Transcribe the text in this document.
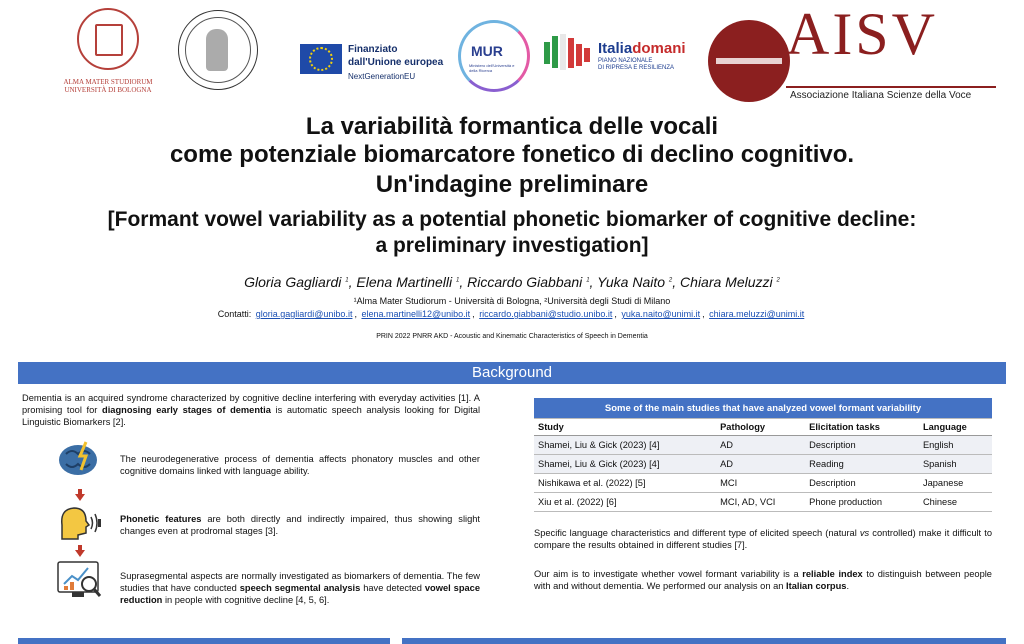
ALMA MATER STUDIORUM
UNIVERSITÀ DI BOLOGNA
Finanziato
dall'Unione europea
NextGenerationEU
MUR
Ministero dell'Università e della Ricerca
Italiadomani
PIANO NAZIONALE
DI RIPRESA E RESILIENZA
AISV
Associazione Italiana Scienze della Voce
La variabilità formantica delle vocali
come potenziale biomarcatore fonetico di declino cognitivo.
Un'indagine preliminare
[Formant vowel variability as a potential phonetic biomarker of cognitive decline:
a preliminary investigation]
Gloria Gagliardi $^1$, Elena Martinelli $^1$, Riccardo Giabbani $^1$, Yuka Naito $^2$, Chiara Meluzzi $^2$
¹Alma Mater Studiorum - Università di Bologna, ²Università degli Studi di Milano
Contatti: gloria.gagliardi@unibo.it , elena.martinelli12@unibo.it , riccardo.giabbani@studio.unibo.it , yuka.naito@unimi.it , chiara.meluzzi@unimi.it
PRIN 2022 PNRR AKD - Acoustic and Kinematic Characteristics of Speech in Dementia
Background
Dementia is an acquired syndrome characterized by cognitive decline interfering with everyday activities [1]. A promising tool for diagnosing early stages of dementia is automatic speech analysis looking for Digital Linguistic Biomarkers [2].
The neurodegenerative process of dementia affects phonatory muscles and other cognitive domains linked with language ability.
Phonetic features are both directly and indirectly impaired, thus showing slight changes even at prodromal stages [3].
Suprasegmental aspects are normally investigated as biomarkers of dementia. The few studies that have conducted speech segmental analysis have detected vowel space reduction in people with cognitive decline [4, 5, 6].
Some of the main studies that have analyzed vowel formant variability			
Study	Pathology	Elicitation tasks	Language
Shamei, Liu & Gick (2023) [4]	AD	Description	English
Shamei, Liu & Gick (2023) [4]	AD	Reading	Spanish
Nishikawa et al. (2022) [5]	MCI	Description	Japanese
Xiu et al. (2022) [6]	MCI, AD, VCI	Phone production	Chinese
Specific language characteristics and different type of elicited speech (natural vs controlled) make it difficult to compare the results obtained in different studies [7].
Our aim is to investigate whether vowel formant variability is a reliable index to distinguish between people with and without dementia. We performed our analysis on an Italian corpus.
